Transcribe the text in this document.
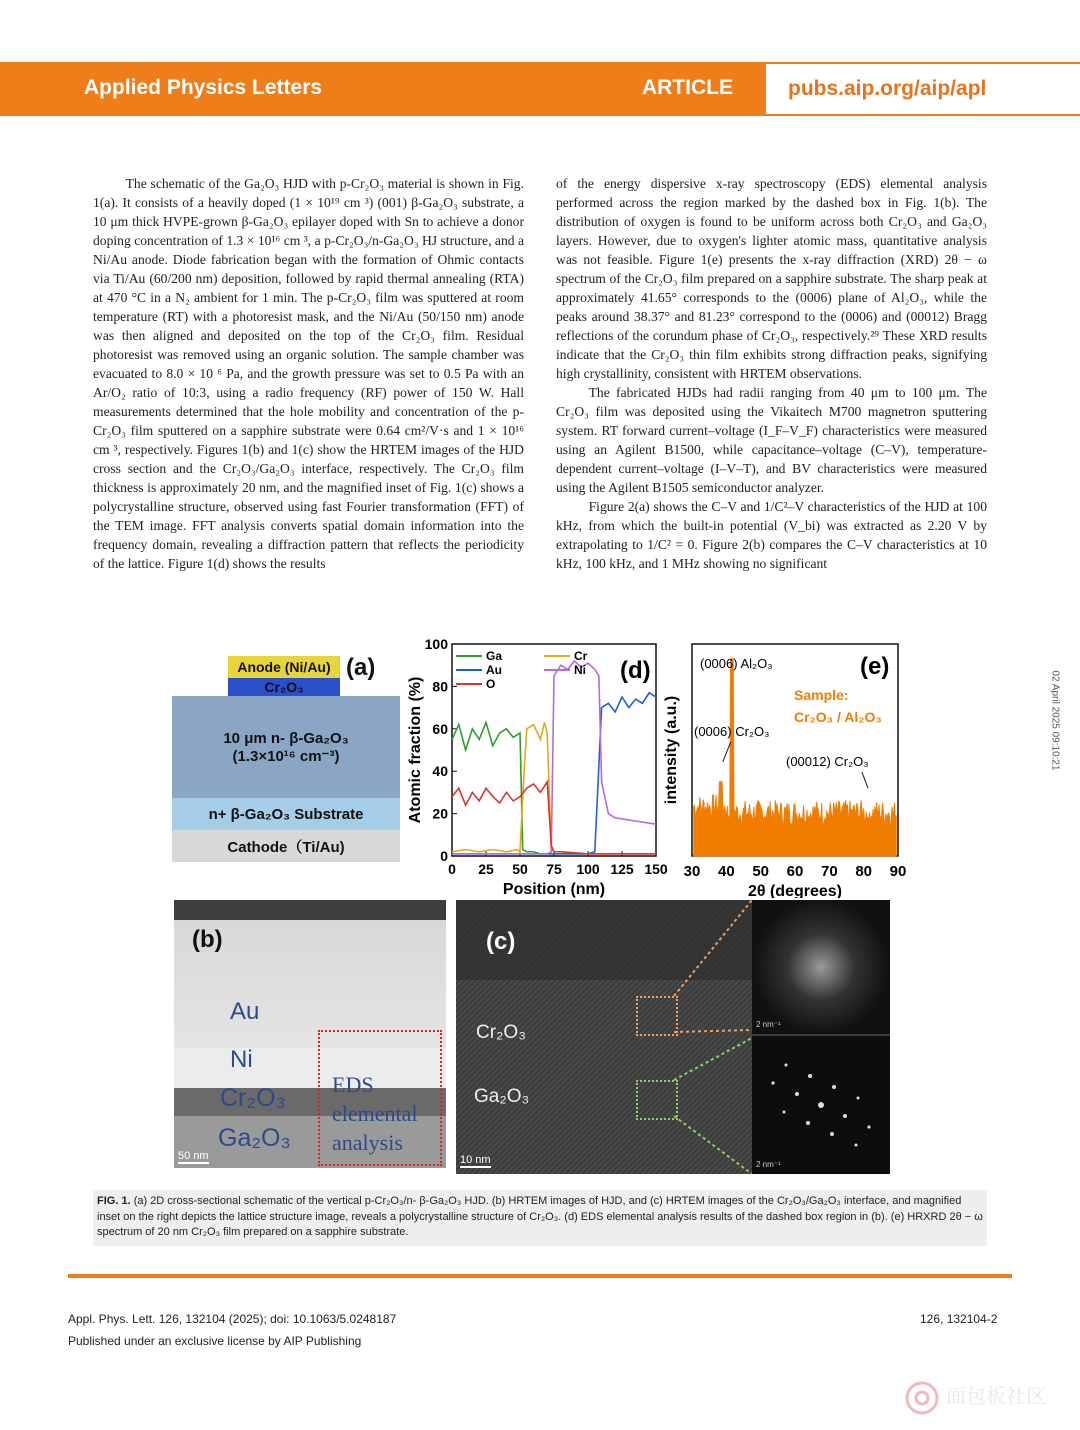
Applied Physics Letters	ARTICLE	pubs.aip.org/aip/apl

The schematic of the Ga₂O₃ HJD with p-Cr₂O₃ material is shown in Fig. 1(a). It consists of a heavily doped (1 × 10¹⁹ cm ³) (001) β-Ga₂O₃ substrate, a 10 μm thick HVPE-grown β-Ga₂O₃ epilayer doped with Sn to achieve a donor doping concentration of 1.3 × 10¹⁶ cm ³, a p-Cr₂O₃/n-Ga₂O₃ HJ structure, and a Ni/Au anode. Diode fabrication began with the formation of Ohmic contacts via Ti/Au (60/200 nm) deposition, followed by rapid thermal annealing (RTA) at 470 °C in a N₂ ambient for 1 min. The p-Cr₂O₃ film was sputtered at room temperature (RT) with a photoresist mask, and the Ni/Au (50/150 nm) anode was then aligned and deposited on the top of the Cr₂O₃ film. Residual photoresist was removed using an organic solution. The sample chamber was evacuated to 8.0 × 10 ⁶ Pa, and the growth pressure was set to 0.5 Pa with an Ar/O₂ ratio of 10:3, using a radio frequency (RF) power of 150 W. Hall measurements determined that the hole mobility and concentration of the p-Cr₂O₃ film sputtered on a sapphire substrate were 0.64 cm²/V·s and 1 × 10¹⁶ cm ³, respectively. Figures 1(b) and 1(c) show the HRTEM images of the HJD cross section and the Cr₂O₃/Ga₂O₃ interface, respectively. The Cr₂O₃ film thickness is approximately 20 nm, and the magnified inset of Fig. 1(c) shows a polycrystalline structure, observed using fast Fourier transformation (FFT) of the TEM image. FFT analysis converts spatial domain information into the frequency domain, revealing a diffraction pattern that reflects the periodicity of the lattice. Figure 1(d) shows the results

of the energy dispersive x-ray spectroscopy (EDS) elemental analysis performed across the region marked by the dashed box in Fig. 1(b). The distribution of oxygen is found to be uniform across both Cr₂O₃ and Ga₂O₃ layers. However, due to oxygen's lighter atomic mass, quantitative analysis was not feasible. Figure 1(e) presents the x-ray diffraction (XRD) 2θ − ω spectrum of the Cr₂O₃ film prepared on a sapphire substrate. The sharp peak at approximately 41.65° corresponds to the (0006) plane of Al₂O₃, while the peaks around 38.37° and 81.23° correspond to the (0006) and (00012) Bragg reflections of the corundum phase of Cr₂O₃, respectively.²⁹ These XRD results indicate that the Cr₂O₃ thin film exhibits strong diffraction peaks, signifying high crystallinity, consistent with HRTEM observations.

The fabricated HJDs had radii ranging from 40 μm to 100 μm. The Cr₂O₃ film was deposited using the Vikaitech M700 magnetron sputtering system. RT forward current–voltage (I_F–V_F) characteristics were measured using an Agilent B1500, while capacitance–voltage (C–V), temperature-dependent current–voltage (I–V–T), and BV characteristics were measured using the Agilent B1505 semiconductor analyzer.

Figure 2(a) shows the C–V and 1/C²–V characteristics of the HJD at 100 kHz, from which the built-in potential (V_bi) was extracted as 2.20 V by extrapolating to 1/C² = 0. Figure 2(b) compares the C–V characteristics at 10 kHz, 100 kHz, and 1 MHz showing no significant

02 April 2025 09:10:21
Anode (Ni/Au)
Cr₂O₃
10 μm n- β-Ga₂O₃
(1.3×10¹⁶ cm⁻³)
n+ β-Ga₂O₃ Substrate
Cathode（Ti/Au)
(a)
0 25 50 75 100 125 150
0
20
40
60
80
100
Position (nm)
Atomic fraction (%)
Ga
Au
O
Cr
Ni (d)
30 40 50 60 70 80 90
2θ (degrees)
intensity (a.u.)
(0006) Al₂O₃
(0006) Cr₂O₃
(00012) Cr₂O₃
Sample:
Cr₂O₃ / Al₂O₃
(e)
(b)
Au
Ni
Cr₂O₃
Ga₂O₃
EDS
elemental
analysis
50 nm
(c)
Cr₂O₃
Ga₂O₃
2 nm⁻¹
2 nm⁻¹
10 nm
FIG. 1. (a) 2D cross-sectional schematic of the vertical p-Cr₂O₃/n- β-Ga₂O₃ HJD. (b) HRTEM images of HJD, and (c) HRTEM images of the Cr₂O₃/Ga₂O₃ interface, and magnified inset on the right depicts the lattice structure image, reveals a polycrystalline structure of Cr₂O₃. (d) EDS elemental analysis results of the dashed box region in (b). (e) HRXRD 2θ − ω spectrum of 20 nm Cr₂O₃ film prepared on a sapphire substrate.
Appl. Phys. Lett. 126, 132104 (2025); doi: 10.1063/5.0248187
Published under an exclusive license by AIP Publishing
126, 132104-2
面包板社区
